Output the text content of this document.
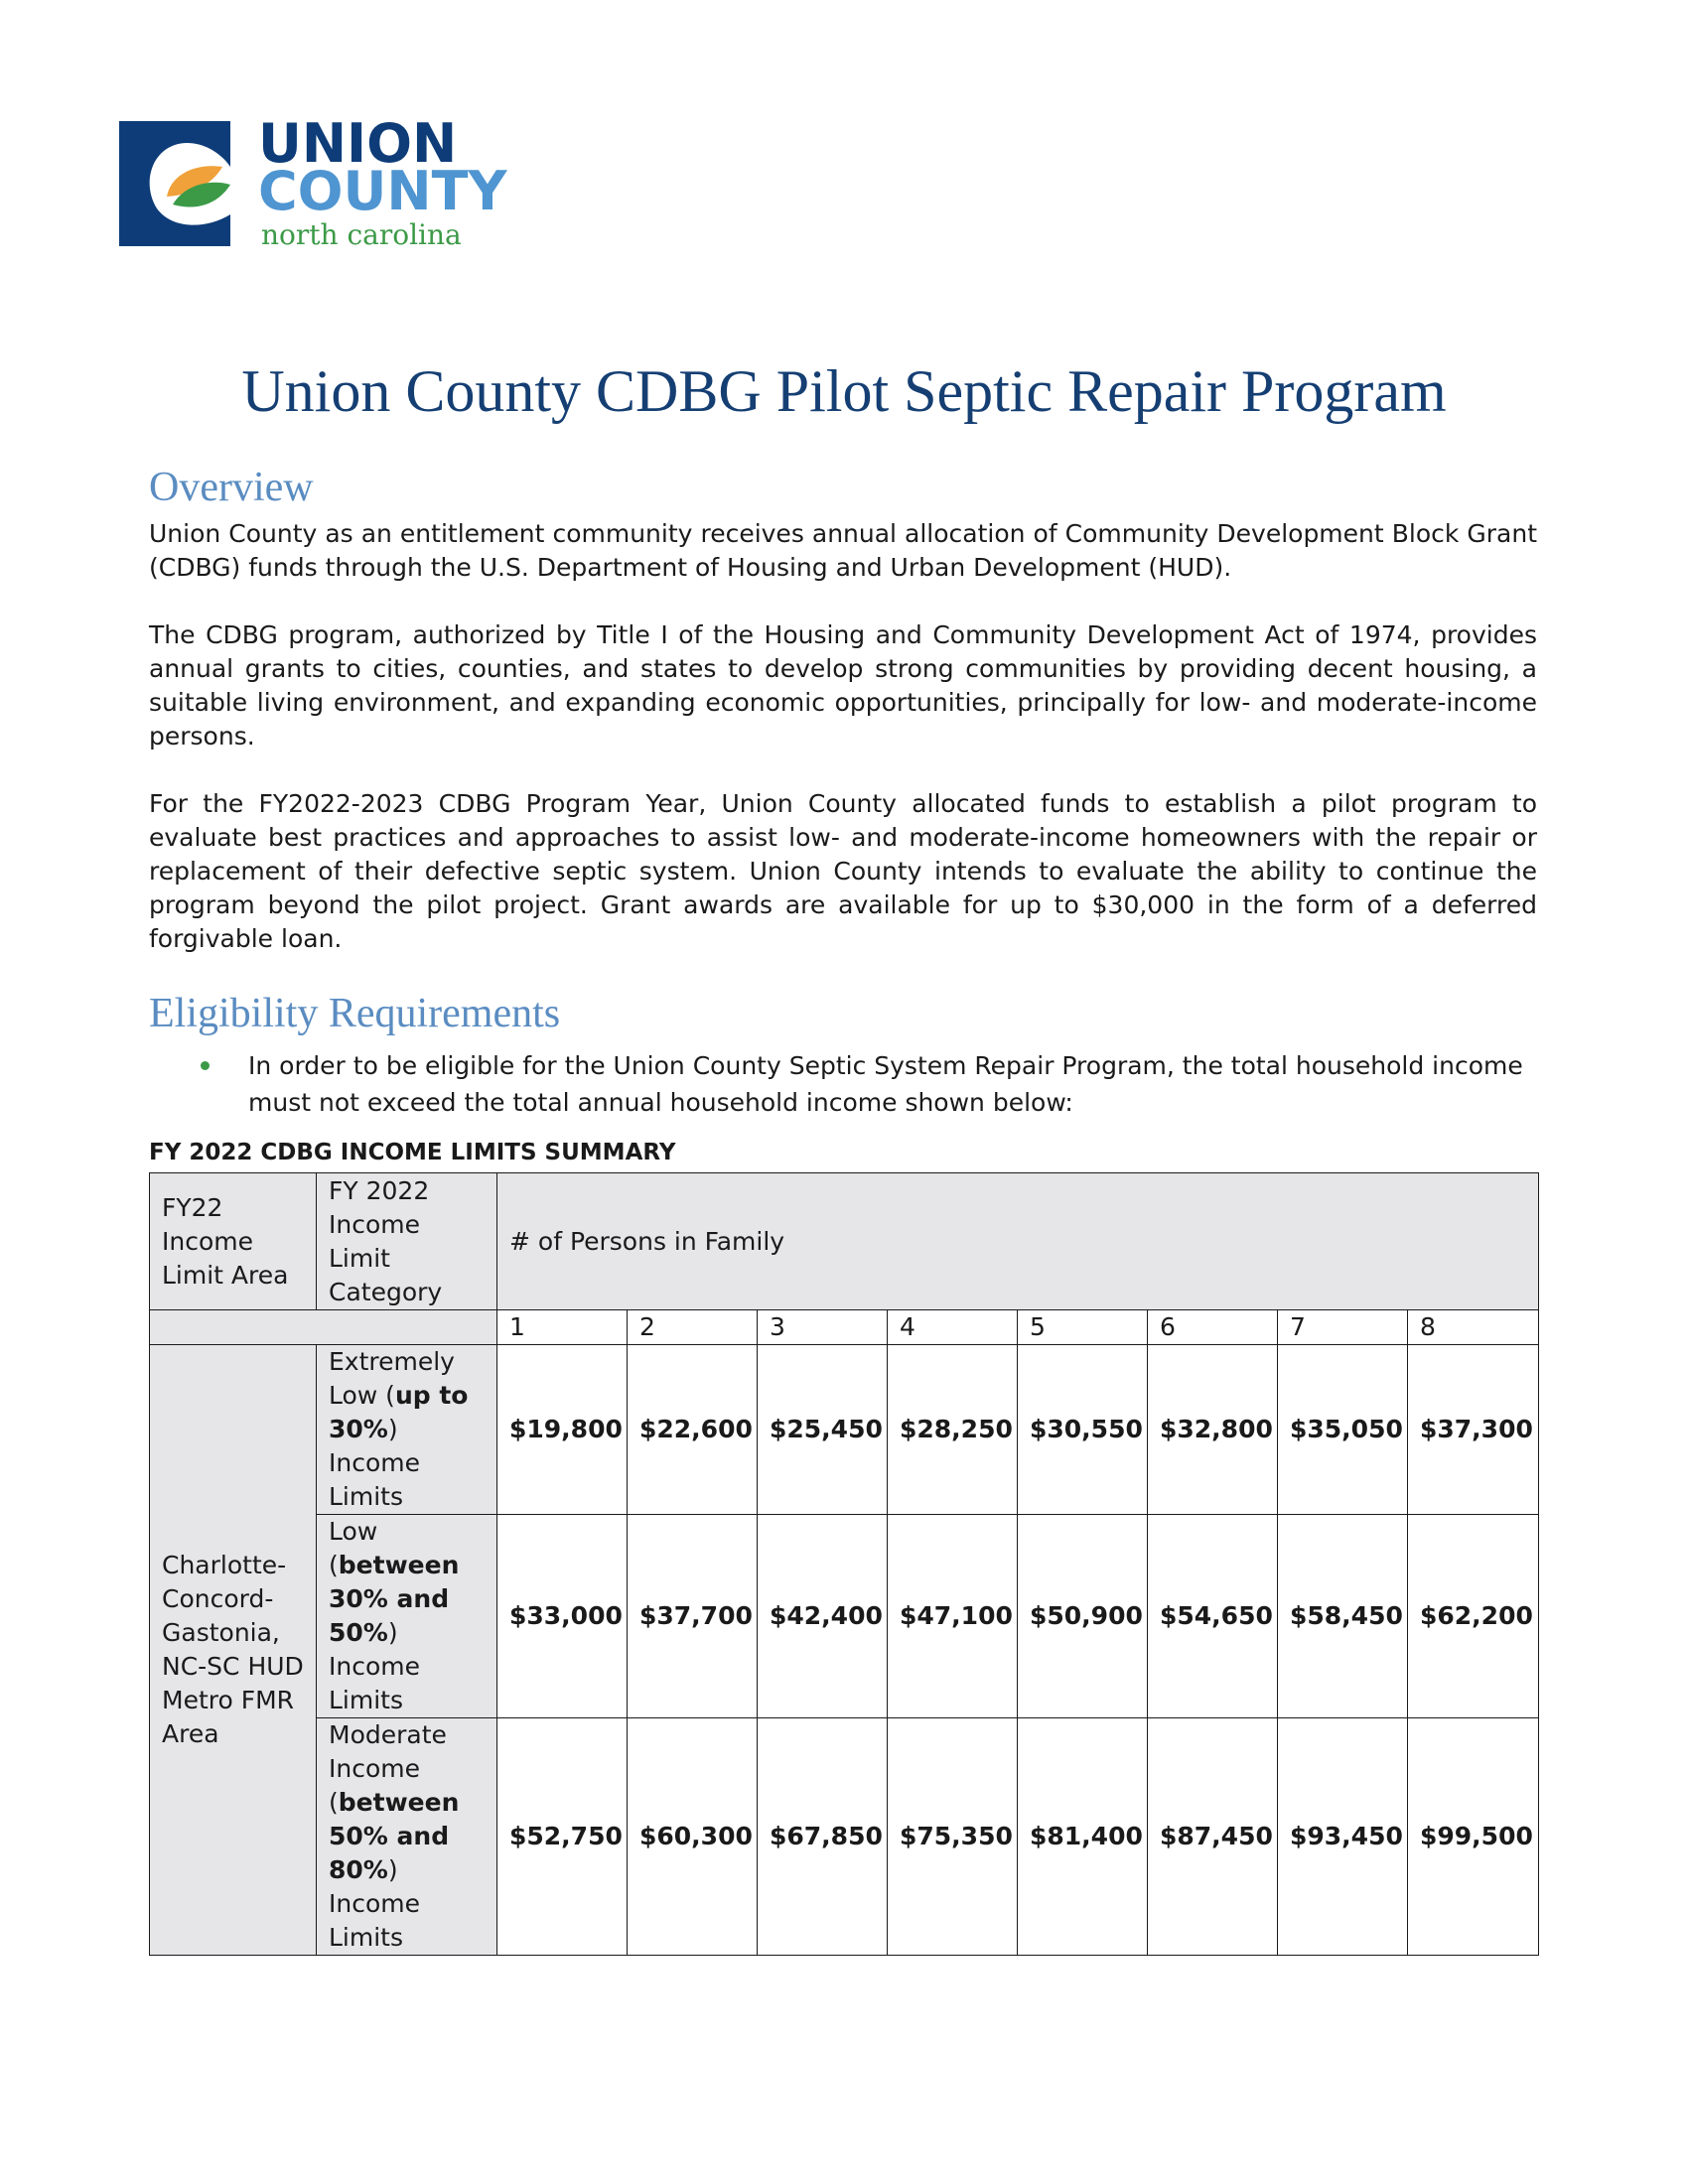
UNION
COUNTY
north carolina
Union County CDBG Pilot Septic Repair Program
Overview

Union County as an entitlement community receives annual allocation of Community Development Block Grant (CDBG) funds through the U.S. Department of Housing and Urban Development (HUD).

The CDBG program, authorized by Title I of the Housing and Community Development Act of 1974, provides annual grants to cities, counties, and states to develop strong communities by providing decent housing, a suitable living environment, and expanding economic opportunities, principally for low- and moderate-income persons.

For the FY2022-2023 CDBG Program Year, Union County allocated funds to establish a pilot program to evaluate best practices and approaches to assist low- and moderate-income homeowners with the repair or replacement of their defective septic system. Union County intends to evaluate the ability to continue the program beyond the pilot project. Grant awards are available for up to $30,000 in the form of a deferred forgivable loan.

Eligibility Requirements

In order to be eligible for the Union County Septic System Repair Program, the total household income must not exceed the total annual household income shown below:

FY 2022 CDBG INCOME LIMITS SUMMARY

FY22 Income Limit Area	FY 2022 Income Limit Category	# of Persons in Family							
		1	2	3	4	5	6	7	8
Charlotte-Concord-Gastonia, NC-SC HUD Metro FMR Area	Extremely Low (up to 30%) Income Limits	$19,800	$22,600	$25,450	$28,250	$30,550	$32,800	$35,050	$37,300
	Low (between 30% and 50%) Income Limits	$33,000	$37,700	$42,400	$47,100	$50,900	$54,650	$58,450	$62,200
	Moderate Income (between 50% and 80%) Income Limits	$52,750	$60,300	$67,850	$75,350	$81,400	$87,450	$93,450	$99,500
